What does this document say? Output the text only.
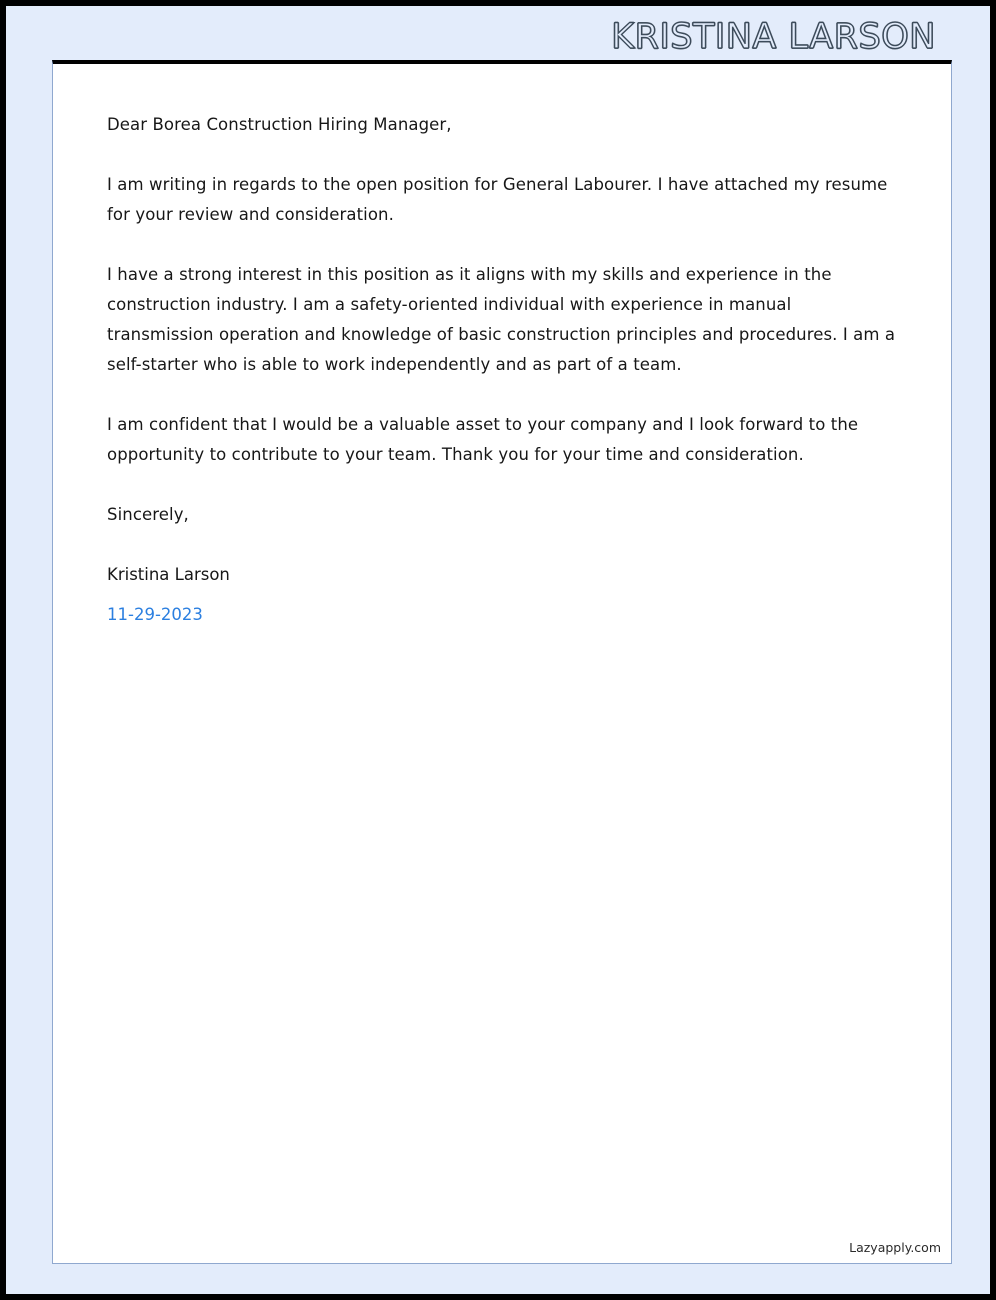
KRISTINA LARSON

Dear Borea Construction Hiring Manager,

I am writing in regards to the open position for General Labourer. I have attached my resume for your review and consideration.

I have a strong interest in this position as it aligns with my skills and experience in the construction industry. I am a safety-oriented individual with experience in manual transmission operation and knowledge of basic construction principles and procedures. I am a self-starter who is able to work independently and as part of a team.

I am confident that I would be a valuable asset to your company and I look forward to the opportunity to contribute to your team. Thank you for your time and consideration.

Sincerely,

Kristina Larson

11-29-2023

Lazyapply.com
